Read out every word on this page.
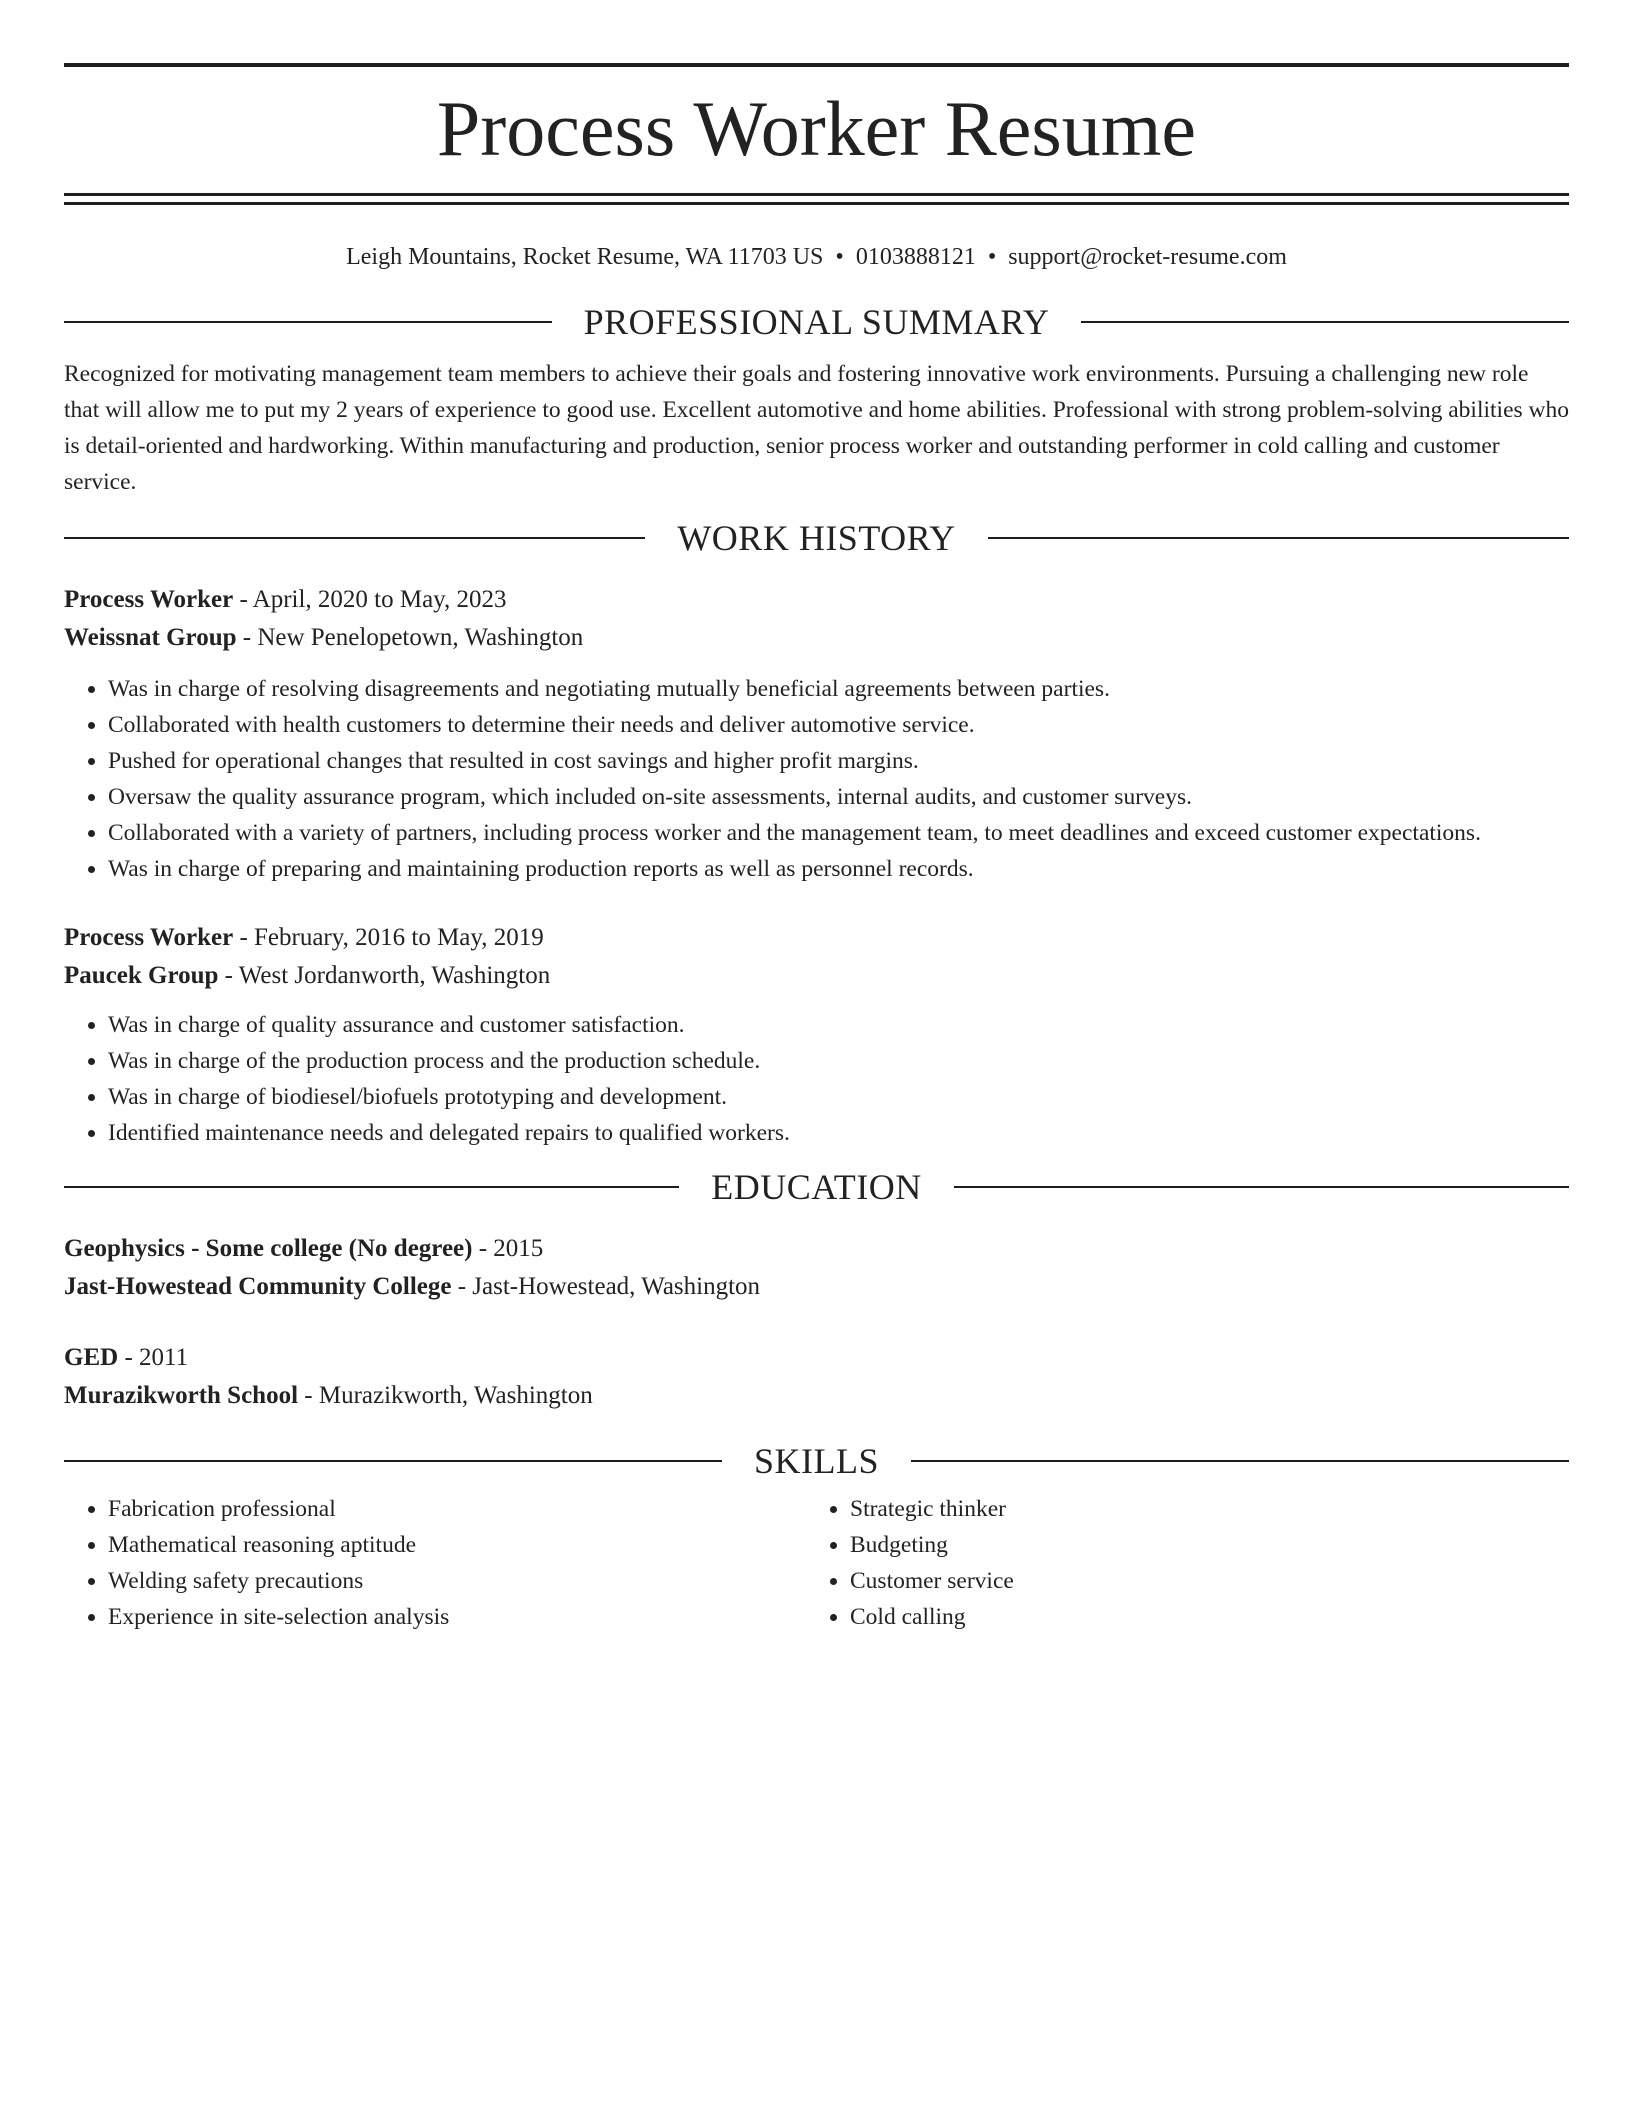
Process Worker Resume
Leigh Mountains, Rocket Resume, WA 11703 US • 0103888121 • support@rocket-resume.com
PROFESSIONAL SUMMARY

Recognized for motivating management team members to achieve their goals and fostering innovative work environments. Pursuing a challenging new role that will allow me to put my 2 years of experience to good use. Excellent automotive and home abilities. Professional with strong problem-solving abilities who is detail-oriented and hardworking. Within manufacturing and production, senior process worker and outstanding performer in cold calling and customer service.

WORK HISTORY
Process Worker - April, 2020 to May, 2023
Weissnat Group - New Penelopetown, Washington
• Was in charge of resolving disagreements and negotiating mutually beneficial agreements between parties.
• Collaborated with health customers to determine their needs and deliver automotive service.
• Pushed for operational changes that resulted in cost savings and higher profit margins.
• Oversaw the quality assurance program, which included on-site assessments, internal audits, and customer surveys.
• Collaborated with a variety of partners, including process worker and the management team, to meet deadlines and exceed customer expectations.
• Was in charge of preparing and maintaining production reports as well as personnel records.
Process Worker - February, 2016 to May, 2019
Paucek Group - West Jordanworth, Washington
• Was in charge of quality assurance and customer satisfaction.
• Was in charge of the production process and the production schedule.
• Was in charge of biodiesel/biofuels prototyping and development.
• Identified maintenance needs and delegated repairs to qualified workers.
EDUCATION
Geophysics - Some college (No degree) - 2015
Jast-Howestead Community College - Jast-Howestead, Washington
GED - 2011
Murazikworth School - Murazikworth, Washington
SKILLS
• Fabrication professional
• Mathematical reasoning aptitude
• Welding safety precautions
• Experience in site-selection analysis
• Strategic thinker
• Budgeting
• Customer service
• Cold calling
